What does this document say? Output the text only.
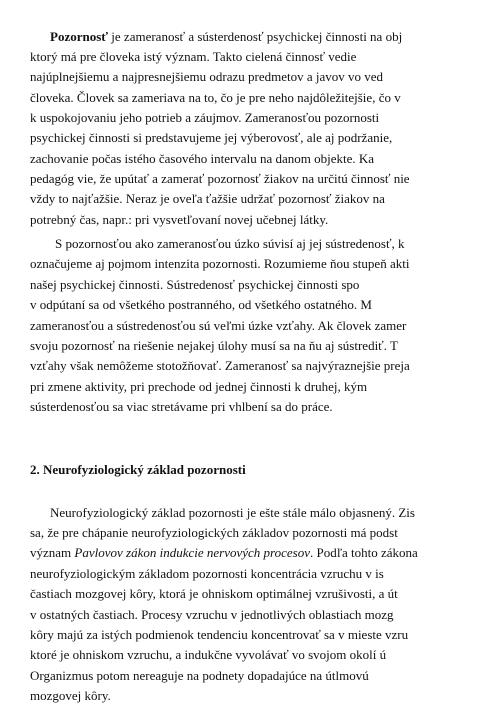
Pozornosť je zameranosť a sústerdenosť psychickej činnosti na obj
ktorý má pre človeka istý význam. Takto cielená činnosť vedie
najúplnejšiemu a najpresnejšiemu odrazu predmetov a javov vo ved
človeka. Človek sa zameriava na to, čo je pre neho najdôležitejšie, čo v
k uspokojovaniu jeho potrieb a záujmov. Zameranosťou pozornosti
psychickej činnosti si predstavujeme jej výberovosť, ale aj podržanie,
zachovanie počas istého časového intervalu na danom objekte. Ka
pedagóg vie, že upútať a zamerať pozornosť žiakov na určitú činnosť nie
vždy to najťažšie. Neraz je oveľa ťažšie udržať pozornosť žiakov na
potrebný čas, napr.: pri vysvetľovaní novej učebnej látky.
S pozornosťou ako zameranosťou úzko súvisí aj jej sústredenosť, k
označujeme aj pojmom intenzita pozornosti. Rozumieme ňou stupeň akti
našej psychickej činnosti. Sústredenosť psychickej činnosti spo
v odpútaní sa od všetkého postranného, od všetkého ostatného. M
zameranosťou a sústredenosťou sú veľmi úzke vzťahy. Ak človek zamer
svoju pozornosť na riešenie nejakej úlohy musí sa na ňu aj sústrediť. T
vzťahy však nemôžeme stotožňovať. Zameranosť sa najvýraznejšie preja
pri zmene aktivity, pri prechode od jednej činnosti k druhej, kým
sústerdenosťou sa viac stretávame pri vhlbení sa do práce.
2. Neurofyziologický základ pozornosti
Neurofyziologický základ pozornosti je ešte stále málo objasnený. Zis
sa, že pre chápanie neurofyziologických základov pozornosti má podst
význam Pavlovov zákon indukcie nervových procesov. Podľa tohto zákona
neurofyziologickým základom pozornosti koncentrácia vzruchu v is
častiach mozgovej kôry, ktorá je ohniskom optimálnej vzrušivosti, a út
v ostatných častiach. Procesy vzruchu v jednotlivých oblastiach mozg
kôry majú za istých podmienok tendenciu koncentrovať sa v mieste vzru
ktoré je ohniskom vzruchu, a indukčne vyvolávať vo svojom okolí ú
Organizmus potom nereaguje na podnety dopadajúce na útlmovú
mozgovej kôry.
